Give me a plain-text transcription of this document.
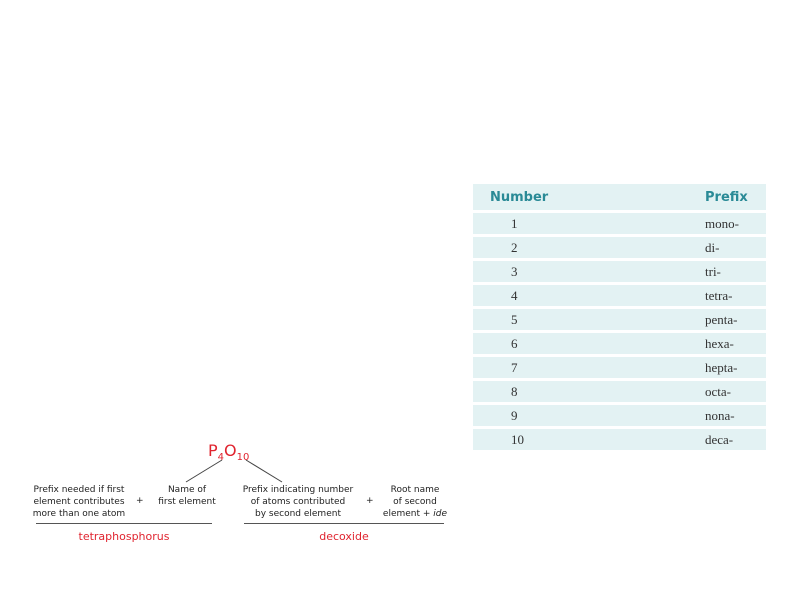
Number	Prefix
1	mono-
2	di-
3	tri-
4	tetra-
5	penta-
6	hexa-
7	hepta-
8	octa-
9	nona-
10	deca-
$P_4O_{10}$
Prefix needed if first
element contributes
more than one atom
+
Name of
first element
Prefix indicating number
of atoms contributed
by second element
+
Root name
of second
element + ide
tetraphosphorus	decoxide
